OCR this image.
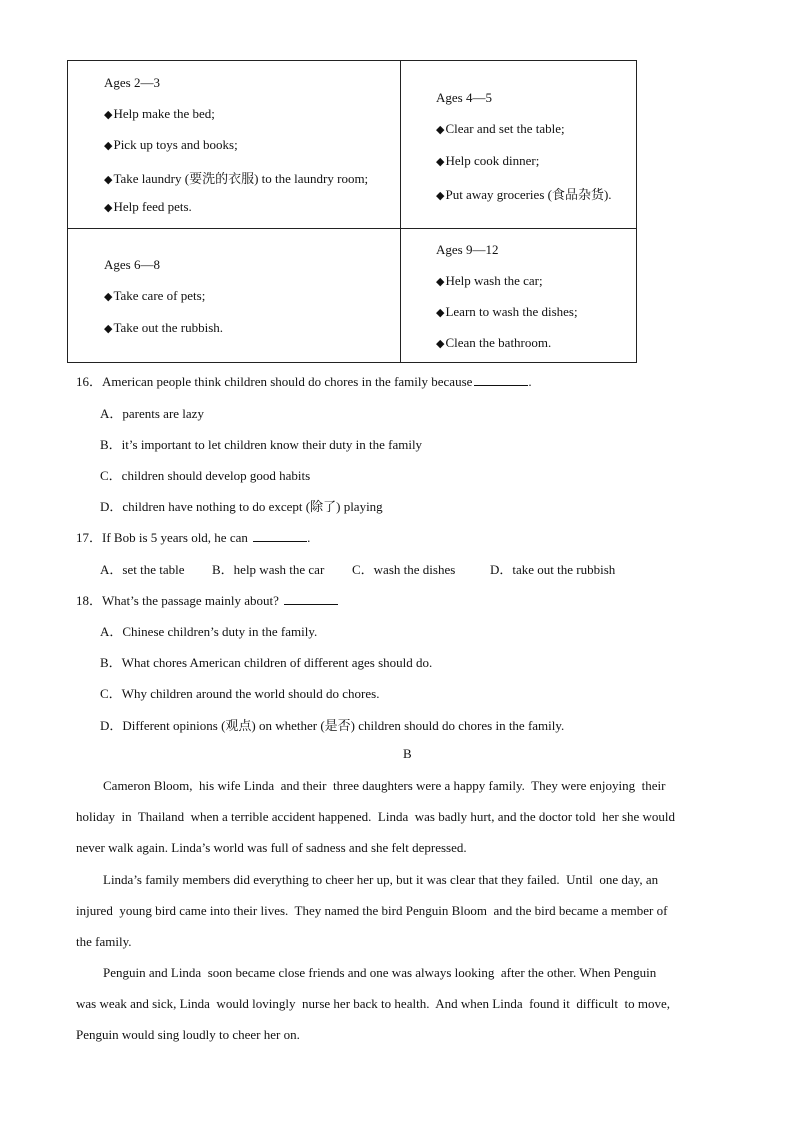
Ages 2—3
◆Help make the bed;
◆Pick up toys and books;
◆Take laundry (要洗的衣服) to the laundry room;
◆Help feed pets.
Ages 4—5
◆Clear and set the table;
◆Help cook dinner;
◆Put away groceries (食品杂货).
Ages 6—8
◆Take care of pets;
◆Take out the rubbish.
Ages 9—12
◆Help wash the car;
◆Learn to wash the dishes;
◆Clean the bathroom.
16．American people think children should do chores in the family because	.
A．parents are lazy
B．it’s important to let children know their duty in the family
C．children should develop good habits
D．children have nothing to do except (除了) playing
17．If Bob is 5 years old, he can	.
A．set the table B．help wash the car C．wash the dishes	D．take out the rubbish
18．What’s the passage mainly about?
A．Chinese children’s duty in the family.
B．What chores American children of different ages should do.
C．Why children around the world should do chores.
D．Different opinions (观点) on whether (是否) children should do chores in the family.
B
Cameron Bloom,  his wife Linda  and their  three daughters were a happy family.  They were enjoying  their
holiday  in  Thailand  when a terrible accident happened.  Linda  was badly hurt, and the doctor told  her she would
never walk again. Linda’s world was full of sadness and she felt depressed.
Linda’s family members did everything to cheer her up, but it was clear that they failed.  Until  one day, an
injured  young bird came into their lives.  They named the bird Penguin Bloom  and the bird became a member of
the family.
Penguin and Linda  soon became close friends and one was always looking  after the other. When Penguin
was weak and sick, Linda  would lovingly  nurse her back to health.  And when Linda  found it  difficult  to move,
Penguin would sing loudly to cheer her on.
